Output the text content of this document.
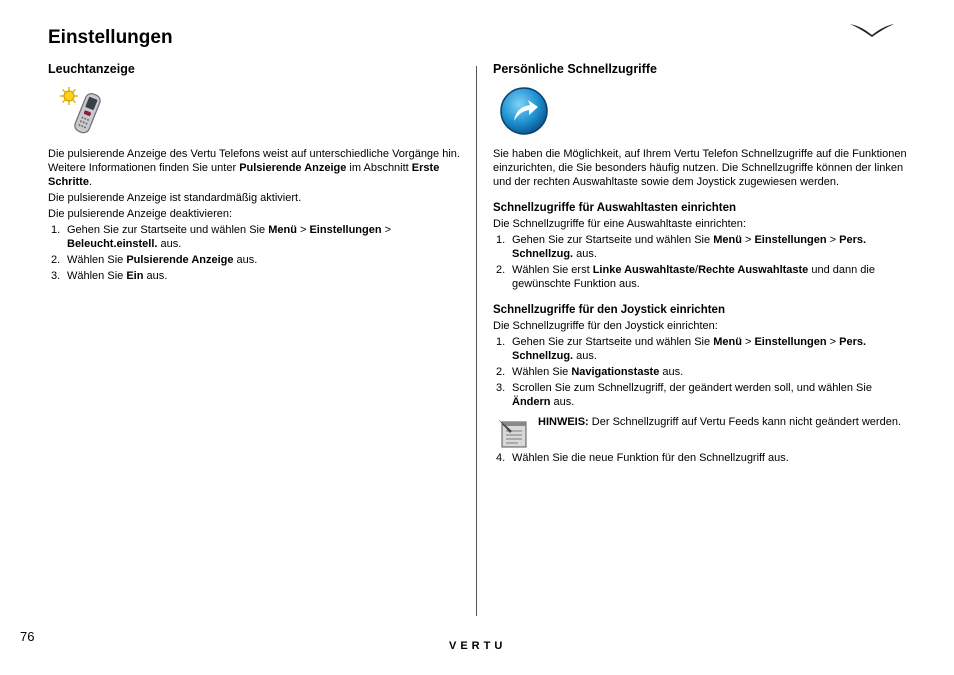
Einstellungen
Leuchtanzeige

Die pulsierende Anzeige des Vertu Telefons weist auf unterschiedliche Vorgänge hin. Weitere Informationen finden Sie unter Pulsierende Anzeige im Abschnitt Erste Schritte.

Die pulsierende Anzeige ist standardmäßig aktiviert.

Die pulsierende Anzeige deaktivieren:

1. Gehen Sie zur Startseite und wählen Sie Menü > Einstellungen > Beleucht.einstell. aus.
2. Wählen Sie Pulsierende Anzeige aus.
3. Wählen Sie Ein aus.
Persönliche Schnellzugriffe

Sie haben die Möglichkeit, auf Ihrem Vertu Telefon Schnellzugriffe auf die Funktionen einzurichten, die Sie besonders häufig nutzen. Die Schnellzugriffe können der linken und der rechten Auswahltaste sowie dem Joystick zugewiesen werden.

Schnellzugriffe für Auswahltasten einrichten

Die Schnellzugriffe für eine Auswahltaste einrichten:

1. Gehen Sie zur Startseite und wählen Sie Menü > Einstellungen > Pers. Schnellzug. aus.
2. Wählen Sie erst Linke Auswahltaste/Rechte Auswahltaste und dann die gewünschte Funktion aus.
Schnellzugriffe für den Joystick einrichten

Die Schnellzugriffe für den Joystick einrichten:

1. Gehen Sie zur Startseite und wählen Sie Menü > Einstellungen > Pers. Schnellzug. aus.
2. Wählen Sie Navigationstaste aus.
3. Scrollen Sie zum Schnellzugriff, der geändert werden soll, und wählen Sie Ändern aus.

HINWEIS: Der Schnellzugriff auf Vertu Feeds kann nicht geändert werden.

4. Wählen Sie die neue Funktion für den Schnellzugriff aus.
76
VERTU
